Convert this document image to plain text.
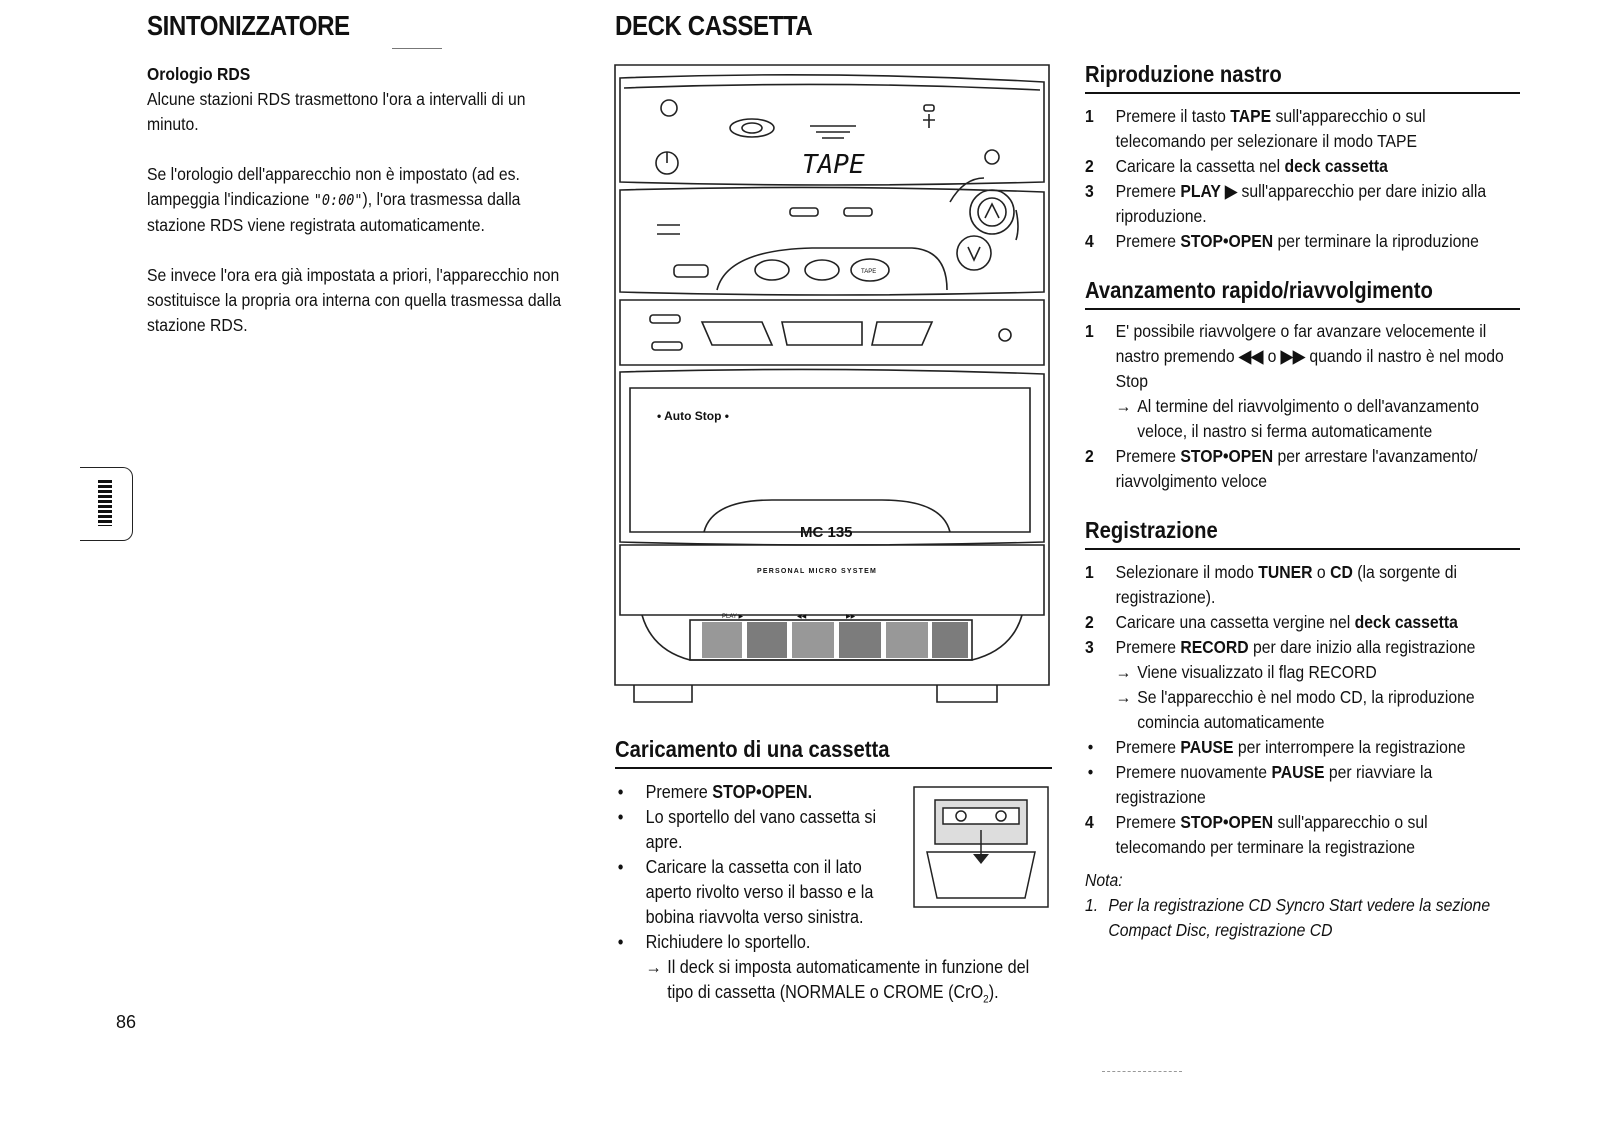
SINTONIZZATORE

Orologio RDS

Alcune stazioni RDS trasmettono l'ora a intervalli di un minuto.

Se l'orologio dell'apparecchio non è impostato (ad es. lampeggia l'indicazione "0:00"), l'ora trasmessa dalla stazione RDS viene registrata automaticamente.

Se invece l'ora era già impostata a priori, l'apparecchio non sostituisce la propria ora interna con quella trasmessa dalla stazione RDS.

86
DECK CASSETTA
TAPE
• Auto Stop •
MC 135
PERSONAL MICRO SYSTEM
TAPE
PLAY ▶	◀◀	▶▶
Caricamento di una cassetta
• Premere STOP•OPEN.
• Lo sportello del vano cassetta si apre.
• Caricare la cassetta con il lato aperto rivolto verso il basso e la bobina riavvolta verso sinistra.
• Richiudere lo sportello.
→ Il deck si imposta automaticamente in funzione del tipo di cassetta (NORMALE o CROME (CrO$_2$).
Riproduzione nastro
1 Premere il tasto TAPE sull'apparecchio o sul telecomando per selezionare il modo TAPE
2 Caricare la cassetta nel deck cassetta
3 Premere PLAY ▶ sull'apparecchio per dare inizio alla riproduzione.
4 Premere STOP•OPEN per terminare la riproduzione
Avanzamento rapido/riavvolgimento
1 E' possibile riavvolgere o far avanzare velocemente il nastro premendo ◀◀ o ▶▶ quando il nastro è nel modo Stop
→ Al termine del riavvolgimento o dell'avanzamento veloce, il nastro si ferma automaticamente
2 Premere STOP•OPEN per arrestare l'avanzamento/ riavvolgimento veloce
Registrazione
1 Selezionare il modo TUNER o CD (la sorgente di registrazione).
2 Caricare una cassetta vergine nel deck cassetta
3 Premere RECORD per dare inizio alla registrazione
→ Viene visualizzato il flag RECORD
→ Se l'apparecchio è nel modo CD, la riproduzione comincia automaticamente
• Premere PAUSE per interrompere la registrazione
• Premere nuovamente PAUSE per riavviare la registrazione
4 Premere STOP•OPEN sull'apparecchio o sul telecomando per terminare la registrazione

Nota:

1. Per la registrazione CD Syncro Start vedere la sezione Compact Disc, registrazione CD
